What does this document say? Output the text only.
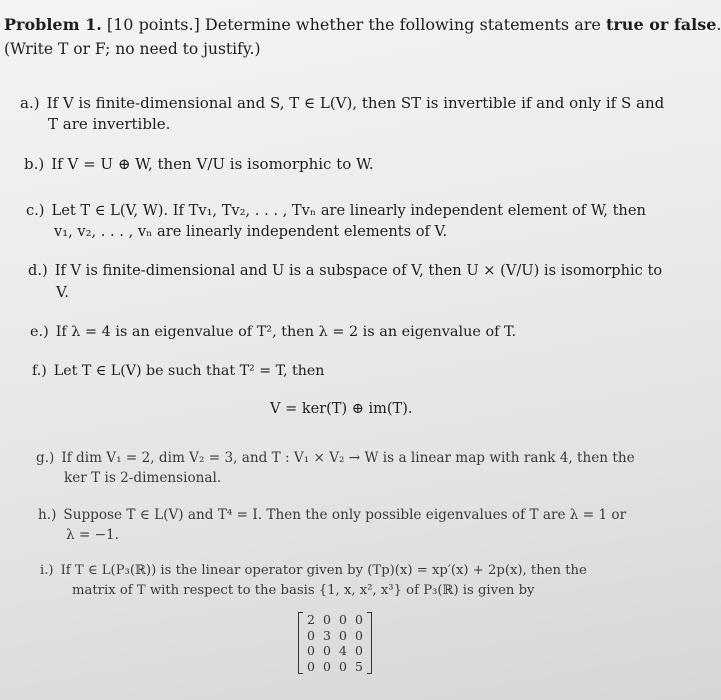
Problem 1. [10 points.] Determine whether the following statements are true or false.
(Write T or F; no need to justify.)
a.) If V is finite-dimensional and S, T ∈ L(V), then ST is invertible if and only if S and
T are invertible.
b.) If V = U ⊕ W, then V/U is isomorphic to W.
c.) Let T ∈ L(V, W). If Tv₁, Tv₂, . . . , Tvₙ are linearly independent element of W, then
v₁, v₂, . . . , vₙ are linearly independent elements of V.
d.) If V is finite-dimensional and U is a subspace of V, then U × (V/U) is isomorphic to
V.
e.) If λ = 4 is an eigenvalue of T², then λ = 2 is an eigenvalue of T.
f.) Let T ∈ L(V) be such that T² = T, then
V = ker(T) ⊕ im(T).
g.) If dim V₁ = 2, dim V₂ = 3, and T : V₁ × V₂ → W is a linear map with rank 4, then the
ker T is 2-dimensional.
h.) Suppose T ∈ L(V) and T⁴ = I. Then the only possible eigenvalues of T are λ = 1 or
λ = −1.
i.) If T ∈ L(P₃(ℝ)) is the linear operator given by (Tp)(x) = xp′(x) + 2p(x), then the
matrix of T with respect to the basis {1, x, x², x³} of P₃(ℝ) is given by
2 0 0 0
0 3 0 0
0 0 4 0
0 0 0 5
